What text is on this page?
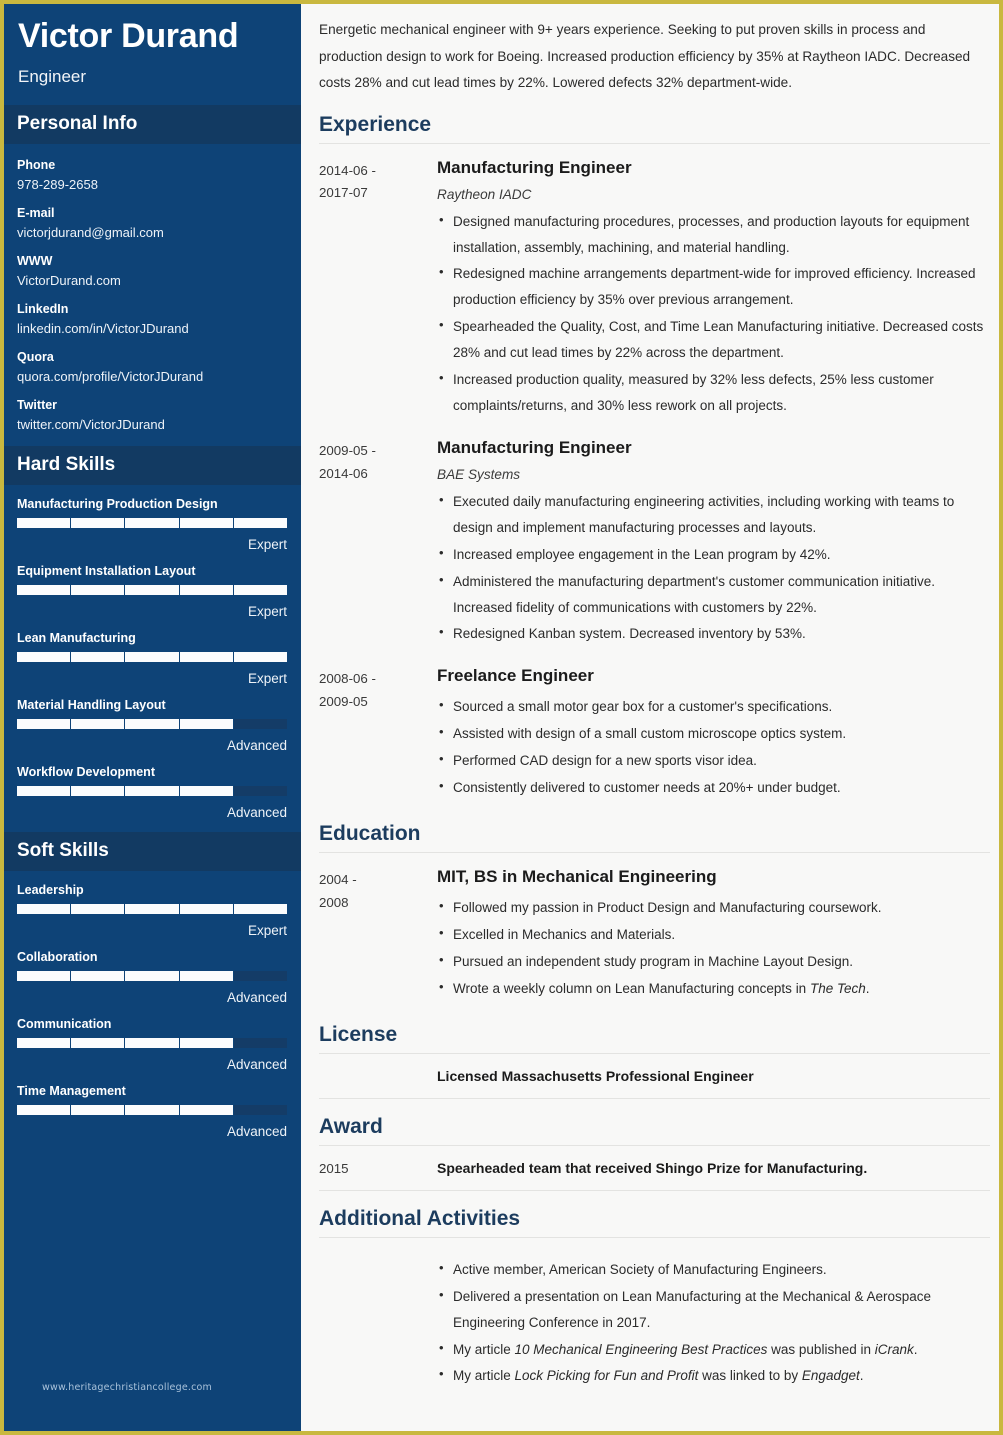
Victor Durand
Engineer
Personal Info
Phone
978-289-2658
E-mail
victorjdurand@gmail.com
WWW
VictorDurand.com
LinkedIn
linkedin.com/in/VictorJDurand
Quora
quora.com/profile/VictorJDurand
Twitter
twitter.com/VictorJDurand
Hard Skills
Manufacturing Production Design
Expert
Equipment Installation Layout
Expert
Lean Manufacturing
Expert
Material Handling Layout
Advanced
Workflow Development
Advanced
Soft Skills
Leadership
Expert
Collaboration
Advanced
Communication
Advanced
Time Management
Advanced
www.heritagechristiancollege.com
Energetic mechanical engineer with 9+ years experience. Seeking to put proven skills in process and production design to work for Boeing. Increased production efficiency by 35% at Raytheon IADC. Decreased costs 28% and cut lead times by 22%. Lowered defects 32% department-wide.
Experience
2014-06 -
2017-07
Manufacturing Engineer
Raytheon IADC
• Designed manufacturing procedures, processes, and production layouts for equipment installation, assembly, machining, and material handling.
• Redesigned machine arrangements department-wide for improved efficiency. Increased production efficiency by 35% over previous arrangement.
• Spearheaded the Quality, Cost, and Time Lean Manufacturing initiative. Decreased costs 28% and cut lead times by 22% across the department.
• Increased production quality, measured by 32% less defects, 25% less customer complaints/returns, and 30% less rework on all projects.
2009-05 -
2014-06
Manufacturing Engineer
BAE Systems
• Executed daily manufacturing engineering activities, including working with teams to design and implement manufacturing processes and layouts.
• Increased employee engagement in the Lean program by 42%.
• Administered the manufacturing department's customer communication initiative. Increased fidelity of communications with customers by 22%.
• Redesigned Kanban system. Decreased inventory by 53%.
2008-06 -
2009-05
Freelance Engineer
• Sourced a small motor gear box for a customer's specifications.
• Assisted with design of a small custom microscope optics system.
• Performed CAD design for a new sports visor idea.
• Consistently delivered to customer needs at 20%+ under budget.
Education
2004 -
2008
MIT, BS in Mechanical Engineering
• Followed my passion in Product Design and Manufacturing coursework.
• Excelled in Mechanics and Materials.
• Pursued an independent study program in Machine Layout Design.
• Wrote a weekly column on Lean Manufacturing concepts in The Tech.
License
Licensed Massachusetts Professional Engineer
Award
2015	Spearheaded team that received Shingo Prize for Manufacturing.
Additional Activities
• Active member, American Society of Manufacturing Engineers.
• Delivered a presentation on Lean Manufacturing at the Mechanical & Aerospace Engineering Conference in 2017.
• My article 10 Mechanical Engineering Best Practices was published in iCrank.
• My article Lock Picking for Fun and Profit was linked to by Engadget.
